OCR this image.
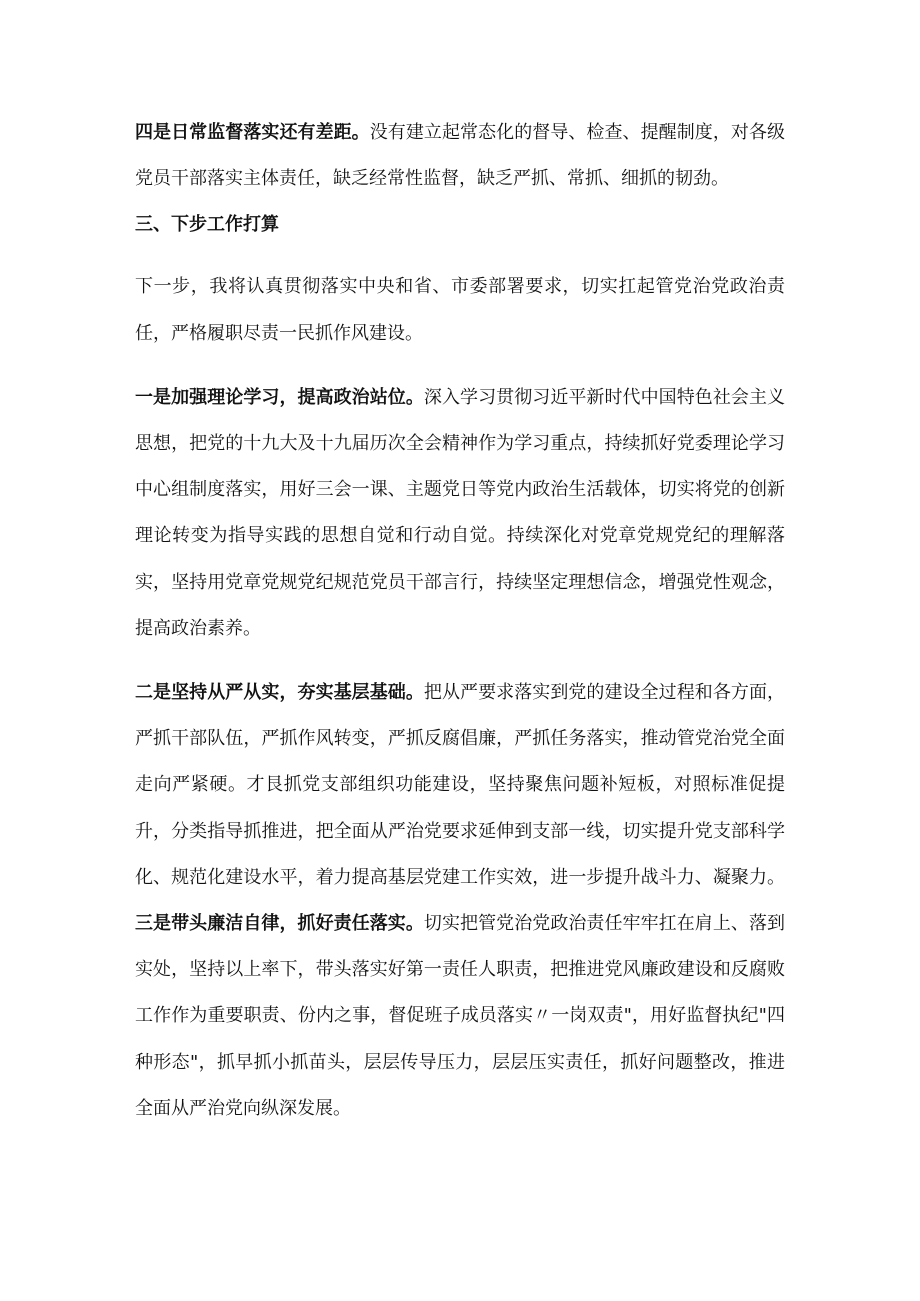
四是日常监督落实还有差距。没有建立起常态化的督导、检查、提醒制度，对各级党员干部落实主体责任，缺乏经常性监督，缺乏严抓、常抓、细抓的韧劲。

三、下步工作打算

下一步，我将认真贯彻落实中央和省、市委部署要求，切实扛起管党治党政治责任，严格履职尽责一民抓作风建设。

一是加强理论学习，提高政治站位。深入学习贯彻习近平新时代中国特色社会主义思想，把党的十九大及十九届历次全会精神作为学习重点，持续抓好党委理论学习中心组制度落实，用好三会一课、主题党日等党内政治生活载体，切实将党的创新理论转变为指导实践的思想自觉和行动自觉。持续深化对党章党规党纪的理解落实，坚持用党章党规党纪规范党员干部言行，持续坚定理想信念，增强党性观念，提高政治素养。

二是坚持从严从实，夯实基层基础。把从严要求落实到党的建设全过程和各方面，严抓干部队伍，严抓作风转变，严抓反腐倡廉，严抓任务落实，推动管党治党全面走向严紧硬。才艮抓党支部组织功能建设，坚持聚焦问题补短板，对照标准促提升，分类指导抓推进，把全面从严治党要求延伸到支部一线，切实提升党支部科学化、规范化建设水平，着力提高基层党建工作实效，进一步提升战斗力、凝聚力。三是带头廉洁自律，抓好责任落实。切实把管党治党政治责任牢牢扛在肩上、落到实处，坚持以上率下，带头落实好第一责任人职责，把推进党风廉政建设和反腐败工作作为重要职责、份内之事，督促班子成员落实〃一岗双责"，用好监督执纪"四种形态"，抓早抓小抓苗头，层层传导压力，层层压实责任，抓好问题整改，推进全面从严治党向纵深发展。
